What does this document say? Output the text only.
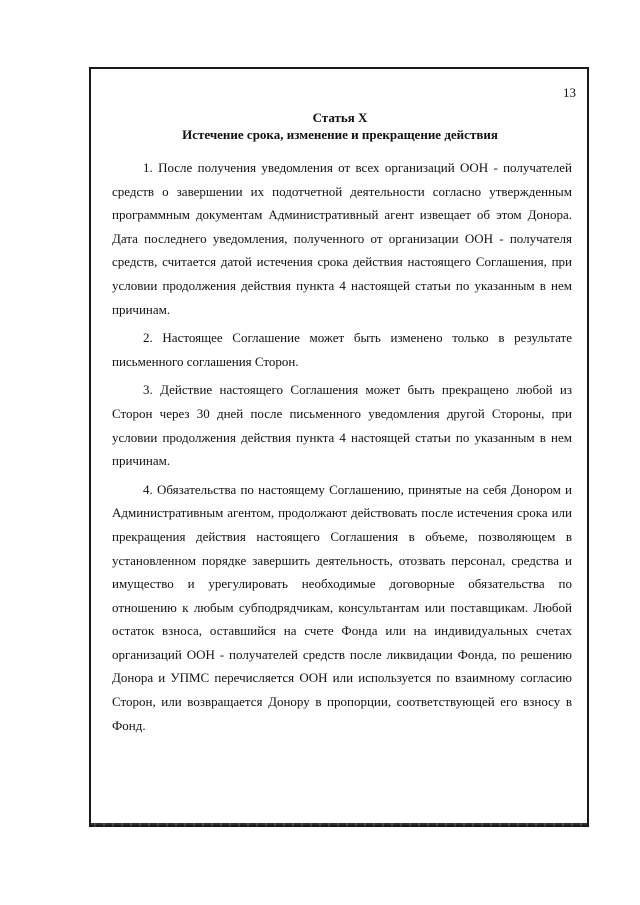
13
Статья Х
Истечение срока, изменение и прекращение действия

1. После получения уведомления от всех организаций ООН - получателей средств о завершении их подотчетной деятельности согласно утвержденным программным документам Административный агент извещает об этом Донора. Дата последнего уведомления, полученного от организации ООН - получателя средств, считается датой истечения срока действия настоящего Соглашения, при условии продолжения действия пункта 4 настоящей статьи по указанным в нем причинам.

2. Настоящее Соглашение может быть изменено только в результате письменного соглашения Сторон.

3. Действие настоящего Соглашения может быть прекращено любой из Сторон через 30 дней после письменного уведомления другой Стороны, при условии продолжения действия пункта 4 настоящей статьи по указанным в нем причинам.

4. Обязательства по настоящему Соглашению, принятые на себя Донором и Административным агентом, продолжают действовать после истечения срока или прекращения действия настоящего Соглашения в объеме, позволяющем в установленном порядке завершить деятельность, отозвать персонал, средства и имущество и урегулировать необходимые договорные обязательства по отношению к любым субподрядчикам, консультантам или поставщикам. Любой остаток взноса, оставшийся на счете Фонда или на индивидуальных счетах организаций ООН - получателей средств после ликвидации Фонда, по решению Донора и УПМС перечисляется ООН или используется по взаимному согласию Сторон, или возвращается Донору в пропорции, соответствующей его взносу в Фонд.
